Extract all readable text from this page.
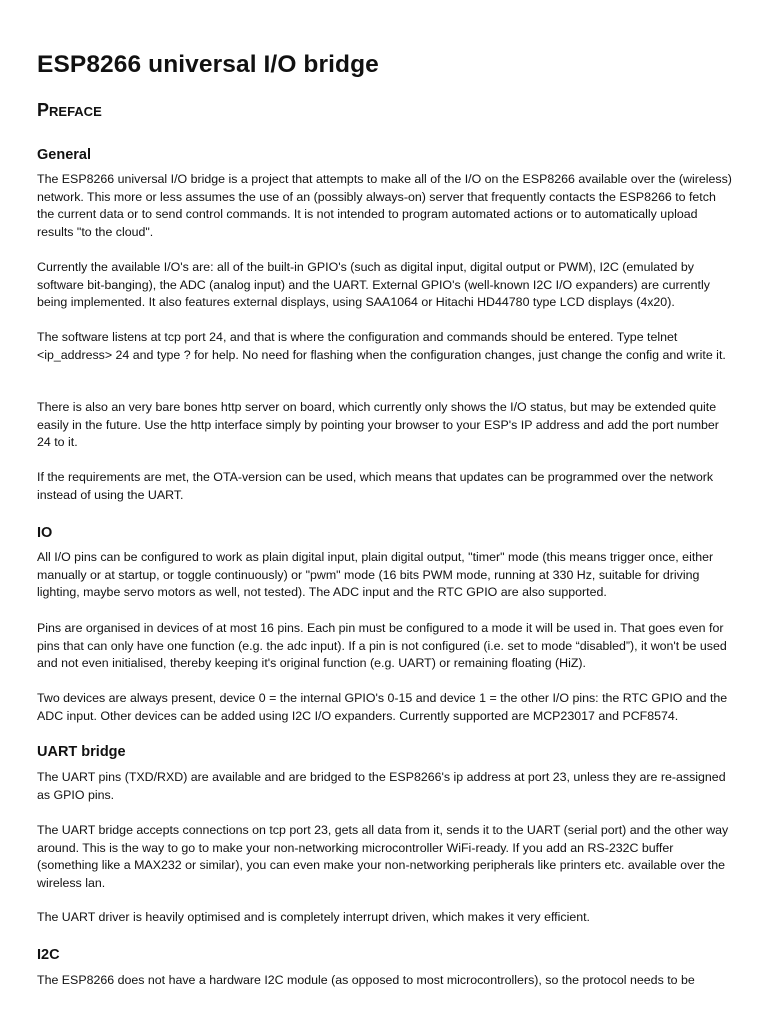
ESP8266 universal I/O bridge
Preface
General

The ESP8266 universal I/O bridge is a project that attempts to make all of the I/O on the ESP8266 available over the (wireless) network. This more or less assumes the use of an (possibly always-on) server that frequently contacts the ESP8266 to fetch the current data or to send control commands. It is not intended to program automated actions or to automatically upload results "to the cloud".

Currently the available I/O's are: all of the built-in GPIO's (such as digital input, digital output or PWM), I2C (emulated by software bit-banging), the ADC (analog input) and the UART. External GPIO's (well-known I2C I/O expanders) are currently being implemented. It also features external displays, using SAA1064 or Hitachi HD44780 type LCD displays (4x20).

The software listens at tcp port 24, and that is where the configuration and commands should be entered. Type telnet <ip_address> 24 and type ? for help. No need for flashing when the configuration changes, just change the config and write it.

There is also an very bare bones http server on board, which currently only shows the I/O status, but may be extended quite easily in the future. Use the http interface simply by pointing your browser to your ESP's IP address and add the port number 24 to it.

If the requirements are met, the OTA-version can be used, which means that updates can be programmed over the network instead of using the UART.

IO

All I/O pins can be configured to work as plain digital input, plain digital output, "timer" mode (this means trigger once, either manually or at startup, or toggle continuously) or "pwm" mode (16 bits PWM mode, running at 330 Hz, suitable for driving lighting, maybe servo motors as well, not tested). The ADC input and the RTC GPIO are also supported.

Pins are organised in devices of at most 16 pins. Each pin must be configured to a mode it will be used in. That goes even for pins that can only have one function (e.g. the adc input). If a pin is not configured (i.e. set to mode “disabled”), it won't be used and not even initialised, thereby keeping it's original function (e.g. UART) or remaining floating (HiZ).

Two devices are always present, device 0 = the internal GPIO's 0-15 and device 1 = the other I/O pins: the RTC GPIO and the ADC input. Other devices can be added using I2C I/O expanders. Currently supported are MCP23017 and PCF8574.

UART bridge

The UART pins (TXD/RXD) are available and are bridged to the ESP8266's ip address at port 23, unless they are re-assigned as GPIO pins.

The UART bridge accepts connections on tcp port 23, gets all data from it, sends it to the UART (serial port) and the other way around. This is the way to go to make your non-networking microcontroller WiFi-ready. If you add an RS-232C buffer (something like a MAX232 or similar), you can even make your non-networking peripherals like printers etc. available over the wireless lan.

The UART driver is heavily optimised and is completely interrupt driven, which makes it very efficient.

I2C

The ESP8266 does not have a hardware I2C module (as opposed to most microcontrollers), so the protocol needs to be
